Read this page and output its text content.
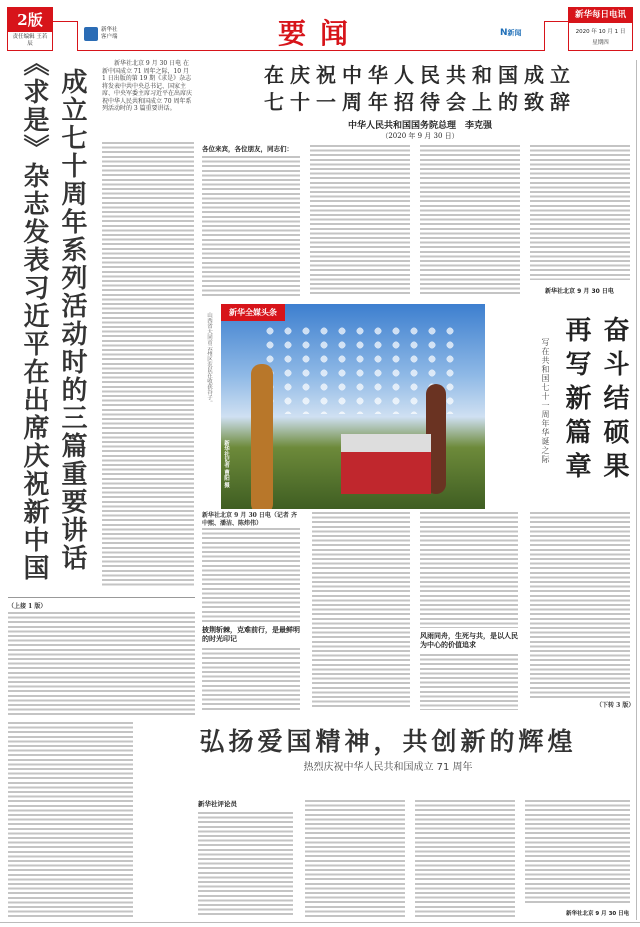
2版
责任编辑 王若辰
新华社 客户端	要闻	N新闻
新华每日电讯
2020 年 10 月 1 日
星期四
成立七十周年系列活动时的三篇重要讲话
《求是》杂志发表习近平在出席庆祝新中国	新华社北京 9 月 30 日电 在新中国成立 71 周年之际，10 月 1 日出版的第 19 期《求是》杂志将发表中共中央总书记、国家主席、中央军委主席习近平在出席庆祝中华人民共和国成立 70 周年系列活动时的 3 篇重要讲话。
在庆祝中华人民共和国成立
七十一周年招待会上的致辞
中华人民共和国国务院总理　李克强
（2020 年 9 月 30 日）
各位来宾，各位朋友，同志们：
新华社北京 9 月 30 日电
山西省大同市云州区农民在收获谷子。	新华全媒头条
新华社记者 曹阳 摄	奋斗结硕果
再写新篇章
写在共和国七十一周年华诞之际
新华社北京 9 月 30 日电（记者 齐中熙、潘洁、陈炜伟）
披荆斩棘，克难前行，是最鲜明的时光印记	风雨同舟，生死与共，是以人民为中心的价值追求
（下转 3 版）
（上接 1 版）
弘扬爱国精神，共创新的辉煌
热烈庆祝中华人民共和国成立 71 周年
新华社评论员
新华社北京 9 月 30 日电
